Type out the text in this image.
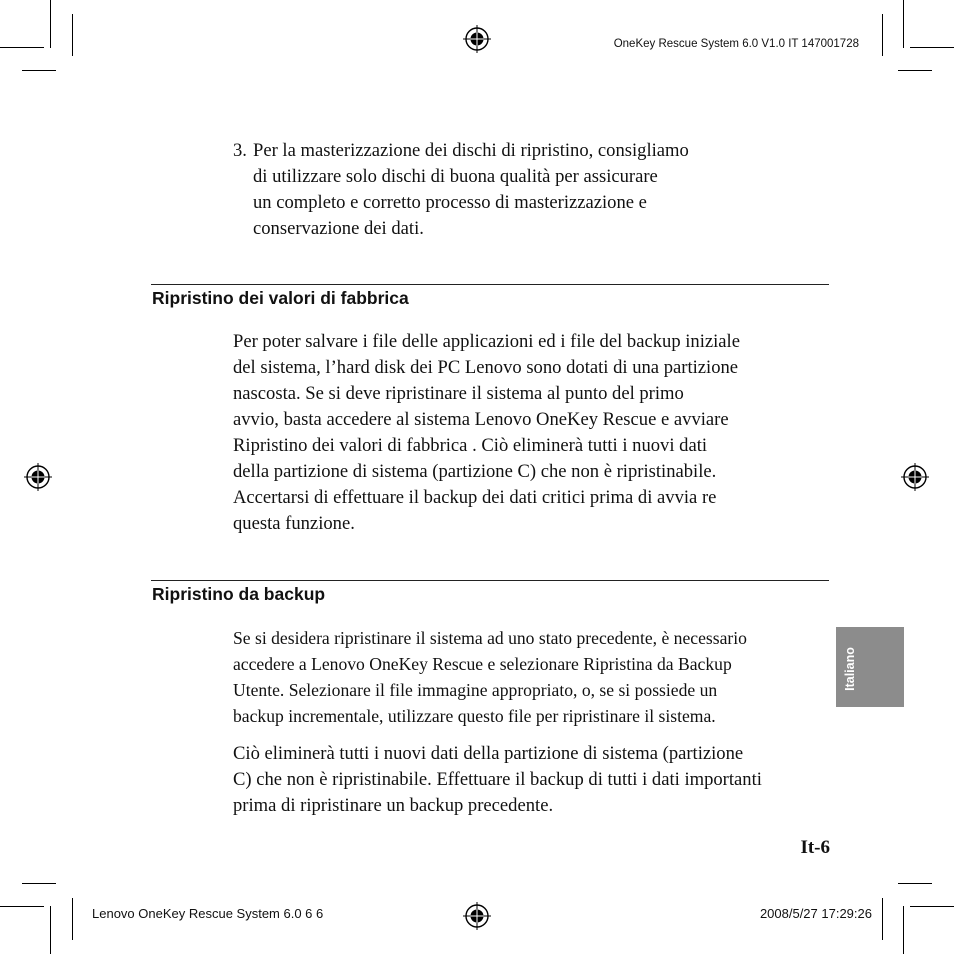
OneKey Rescue System 6.0 V1.0 IT 147001728
3. Per la masterizzazione dei dischi di ripristino, consigliamo
di utilizzare solo dischi di buona qualità per assicurare
un completo e corretto processo di masterizzazione e
conservazione dei dati.
Ripristino dei valori di fabbrica
Per poter salvare i file delle applicazioni ed i file del backup iniziale
del sistema, l’hard disk dei PC Lenovo sono dotati di una partizione
nascosta. Se si deve ripristinare il sistema al punto del primo
avvio, basta accedere al sistema Lenovo OneKey Rescue e avviare
Ripristino dei valori di fabbrica . Ciò eliminerà tutti i nuovi dati
della partizione di sistema (partizione C) che non è ripristinabile.
Accertarsi di effettuare il backup dei dati critici prima di avvia re
questa funzione.
Ripristino da backup
Se si desidera ripristinare il sistema ad uno stato precedente, è necessario
accedere a Lenovo OneKey Rescue e selezionare Ripristina da Backup
Utente. Selezionare il file immagine appropriato, o, se si possiede un
backup incrementale, utilizzare questo file per ripristinare il sistema.
Ciò eliminerà tutti i nuovi dati della partizione di sistema (partizione
C) che non è ripristinabile. Effettuare il backup di tutti i dati importanti
prima di ripristinare un backup precedente.
Italiano
It-6
Lenovo OneKey Rescue System 6.0 6 6	2008/5/27 17:29:26
